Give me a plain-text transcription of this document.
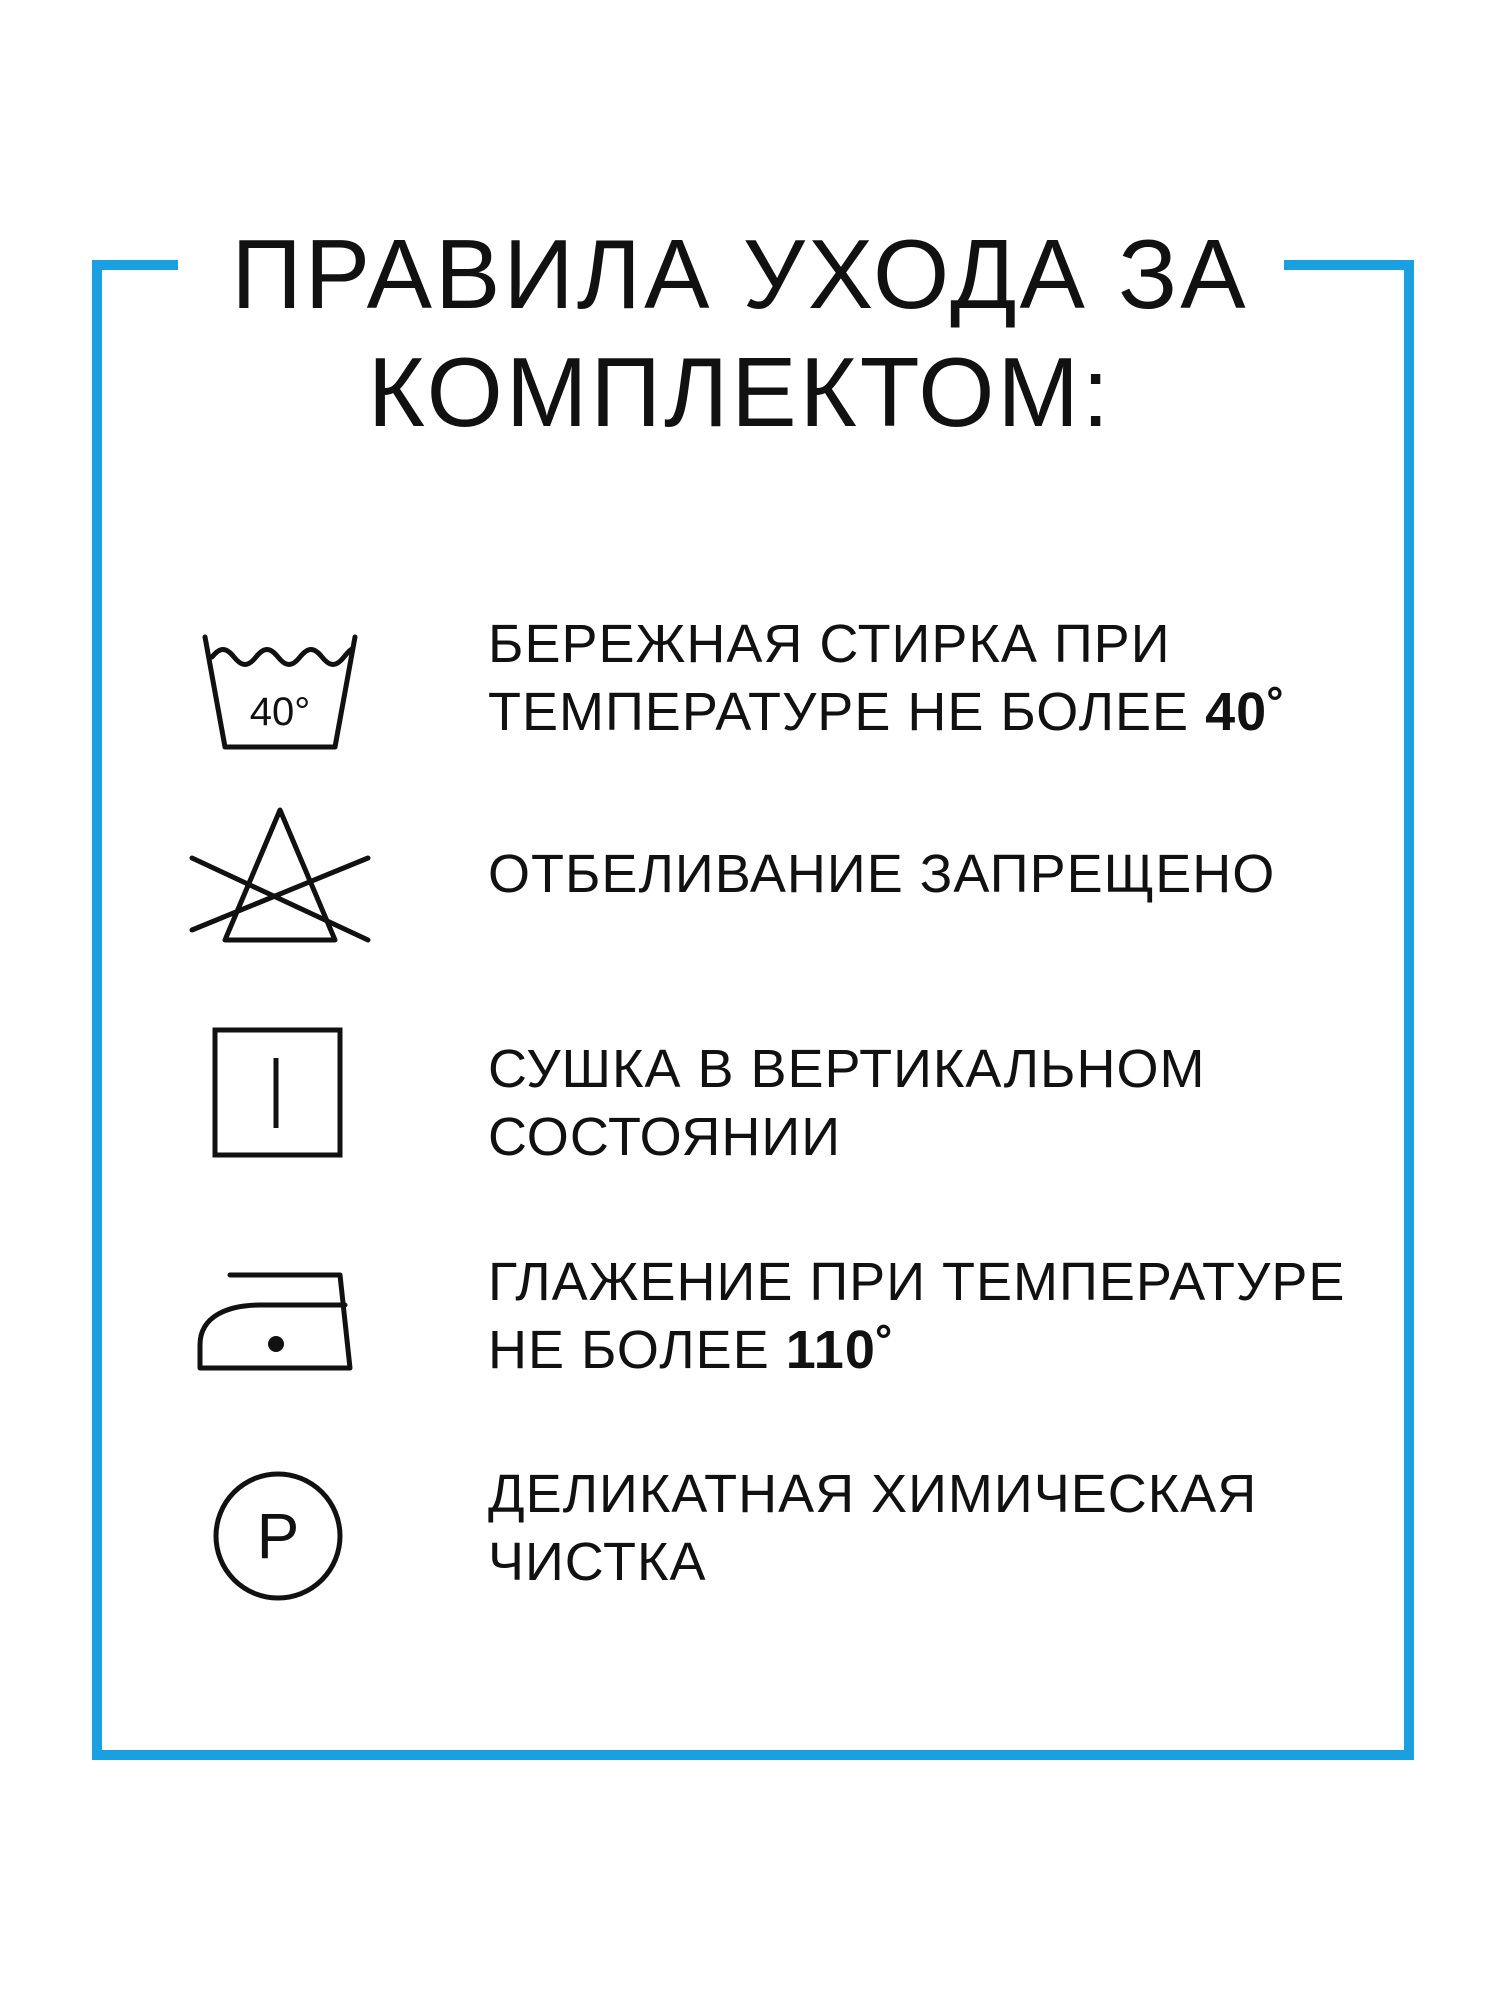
ПРАВИЛА УХОДА ЗА
КОМПЛЕКТОМ:
40°
БЕРЕЖНАЯ СТИРКА ПРИ
ТЕМПЕРАТУРЕ НЕ БОЛЕЕ 40˚
ОТБЕЛИВАНИЕ ЗАПРЕЩЕНО
СУШКА В ВЕРТИКАЛЬНОМ
СОСТОЯНИИ
ГЛАЖЕНИЕ ПРИ ТЕМПЕРАТУРЕ
НЕ БОЛЕЕ 110˚
P
ДЕЛИКАТНАЯ ХИМИЧЕСКАЯ
ЧИСТКА
